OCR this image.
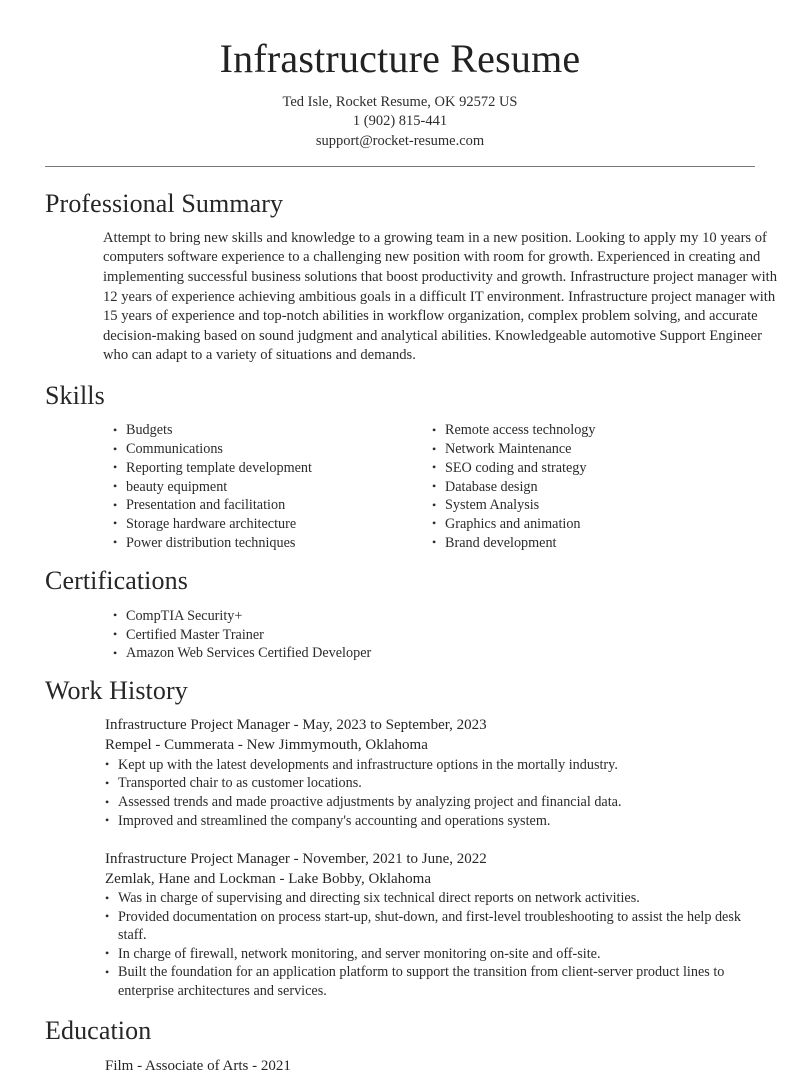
Infrastructure Resume
Ted Isle, Rocket Resume, OK 92572 US
1 (902) 815-441
support@rocket-resume.com
Professional Summary

Attempt to bring new skills and knowledge to a growing team in a new position. Looking to apply my 10 years of computers software experience to a challenging new position with room for growth. Experienced in creating and implementing successful business solutions that boost productivity and growth. Infrastructure project manager with 12 years of experience achieving ambitious goals in a difficult IT environment. Infrastructure project manager with 15 years of experience and top-notch abilities in workflow organization, complex problem solving, and accurate decision-making based on sound judgment and analytical abilities. Knowledgeable automotive Support Engineer who can adapt to a variety of situations and demands.

Skills
• Budgets
• Communications
• Reporting template development
• beauty equipment
• Presentation and facilitation
• Storage hardware architecture
• Power distribution techniques
• Remote access technology
• Network Maintenance
• SEO coding and strategy
• Database design
• System Analysis
• Graphics and animation
• Brand development
Certifications
• CompTIA Security+
• Certified Master Trainer
• Amazon Web Services Certified Developer
Work History
Infrastructure Project Manager - May, 2023 to September, 2023
Rempel - Cummerata - New Jimmymouth, Oklahoma
• Kept up with the latest developments and infrastructure options in the mortally industry.
• Transported chair to as customer locations.
• Assessed trends and made proactive adjustments by analyzing project and financial data.
• Improved and streamlined the company's accounting and operations system.
Infrastructure Project Manager - November, 2021 to June, 2022
Zemlak, Hane and Lockman - Lake Bobby, Oklahoma
• Was in charge of supervising and directing six technical direct reports on network activities.
• Provided documentation on process start-up, shut-down, and first-level troubleshooting to assist the help desk staff.
• In charge of firewall, network monitoring, and server monitoring on-site and off-site.
• Built the foundation for an application platform to support the transition from client-server product lines to enterprise architectures and services.
Education
Film - Associate of Arts - 2021
